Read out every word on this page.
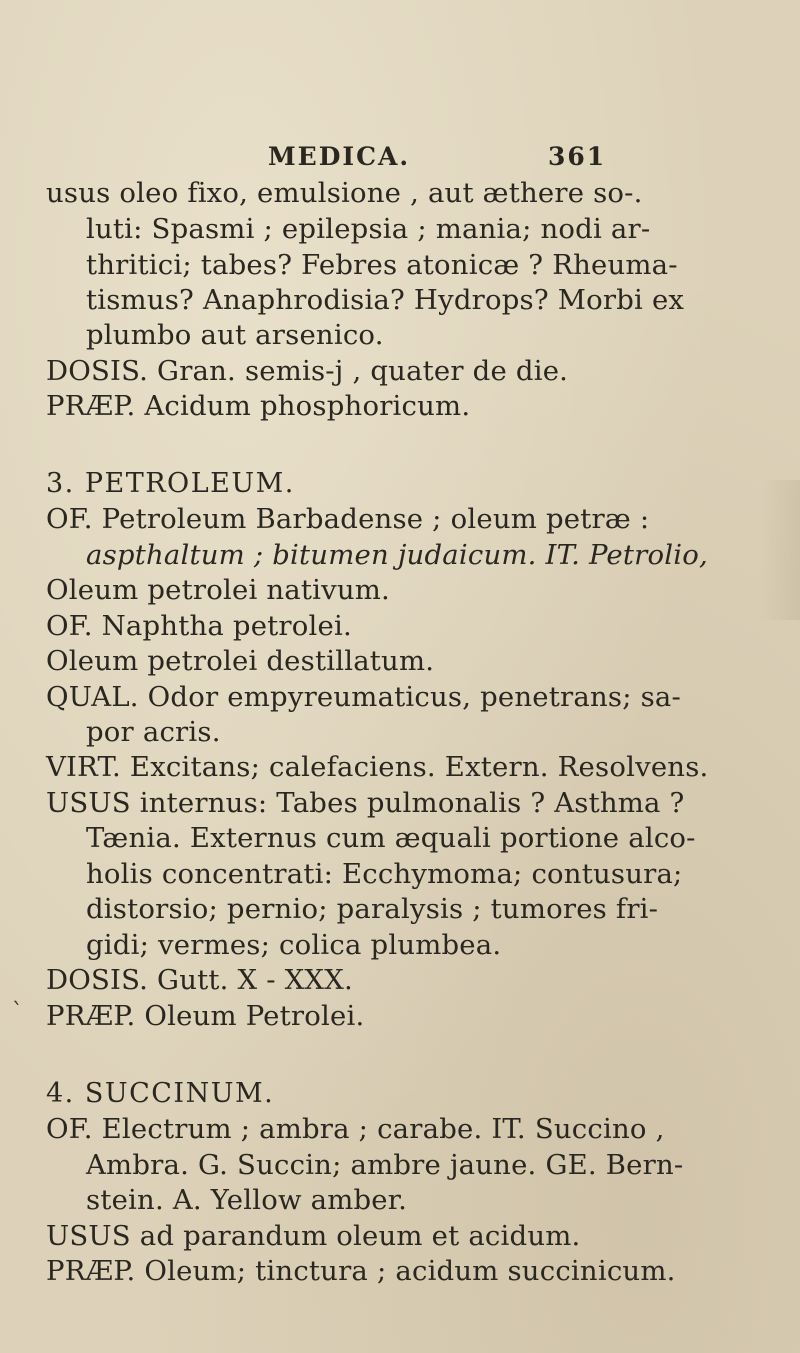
MEDICA.	361
usus oleo fixo, emulsione , aut æthere so-.
luti: Spasmi ; epilepsia ; mania; nodi ar-
thritici; tabes? Febres atonicæ ? Rheuma-
tismus? Anaphrodisia? Hydrops? Morbi ex
plumbo aut arsenico.
DOSIS. Gran. semis-j , quater de die.
PRÆP. Acidum phosphoricum.
3. PETROLEUM.
OF. Petroleum Barbadense ; oleum petræ :
aspthaltum ; bitumen judaicum. IT. Petrolio,
Oleum petrolei nativum.
OF. Naphtha petrolei.
Oleum petrolei destillatum.
QUAL. Odor empyreumaticus, penetrans; sa-
por acris.
VIRT. Excitans; calefaciens. Extern. Resolvens.
USUS internus: Tabes pulmonalis ? Asthma ?
Tænia. Externus cum æquali portione alco-
holis concentrati: Ecchymoma; contusura;
distorsio; pernio; paralysis ; tumores fri-
gidi; vermes; colica plumbea.
DOSIS. Gutt. X - XXX.
PRÆP. Oleum Petrolei.
4. SUCCINUM.
OF. Electrum ; ambra ; carabe. IT. Succino ,
Ambra. G. Succin; ambre jaune. GE. Bern-
stein. A. Yellow amber.
USUS ad parandum oleum et acidum.
PRÆP. Oleum; tinctura ; acidum succinicum.
`
